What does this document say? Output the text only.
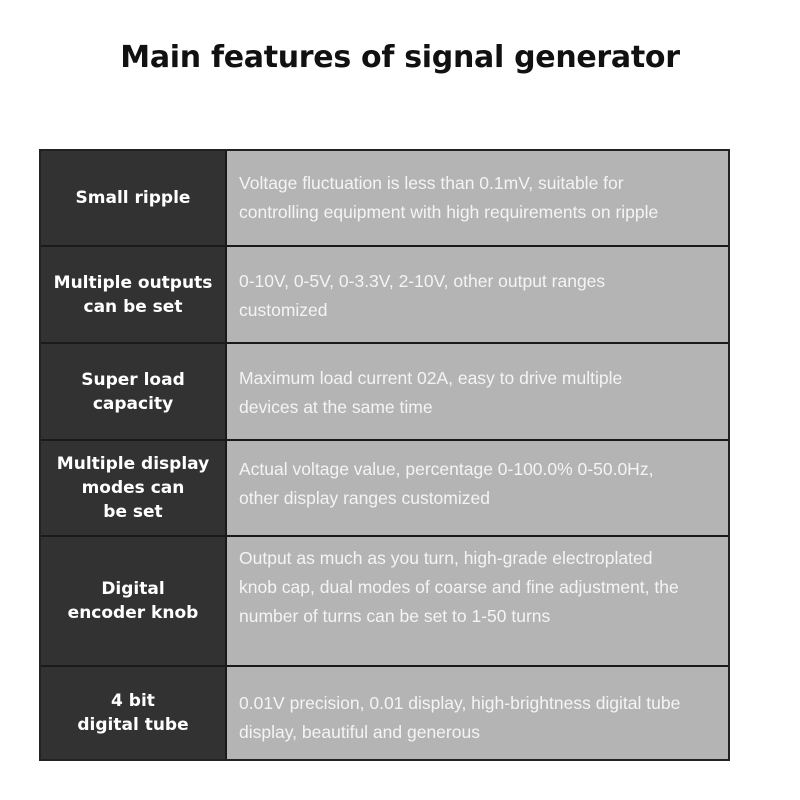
Main features of signal generator
Small ripple
Voltage fluctuation is less than 0.1mV, suitable for
controlling equipment with high requirements on ripple
Multiple outputs
can be set
0-10V, 0-5V, 0-3.3V, 2-10V, other output ranges
customized
Super load
capacity
Maximum load current 02A, easy to drive multiple
devices at the same time
Multiple display
modes can
be set
Actual voltage value, percentage 0-100.0% 0-50.0Hz,
other display ranges customized
Digital
encoder knob
Output as much as you turn, high-grade electroplated
knob cap, dual modes of coarse and fine adjustment, the
number of turns can be set to 1-50 turns
4 bit
digital tube
0.01V precision, 0.01 display, high-brightness digital tube
display, beautiful and generous
